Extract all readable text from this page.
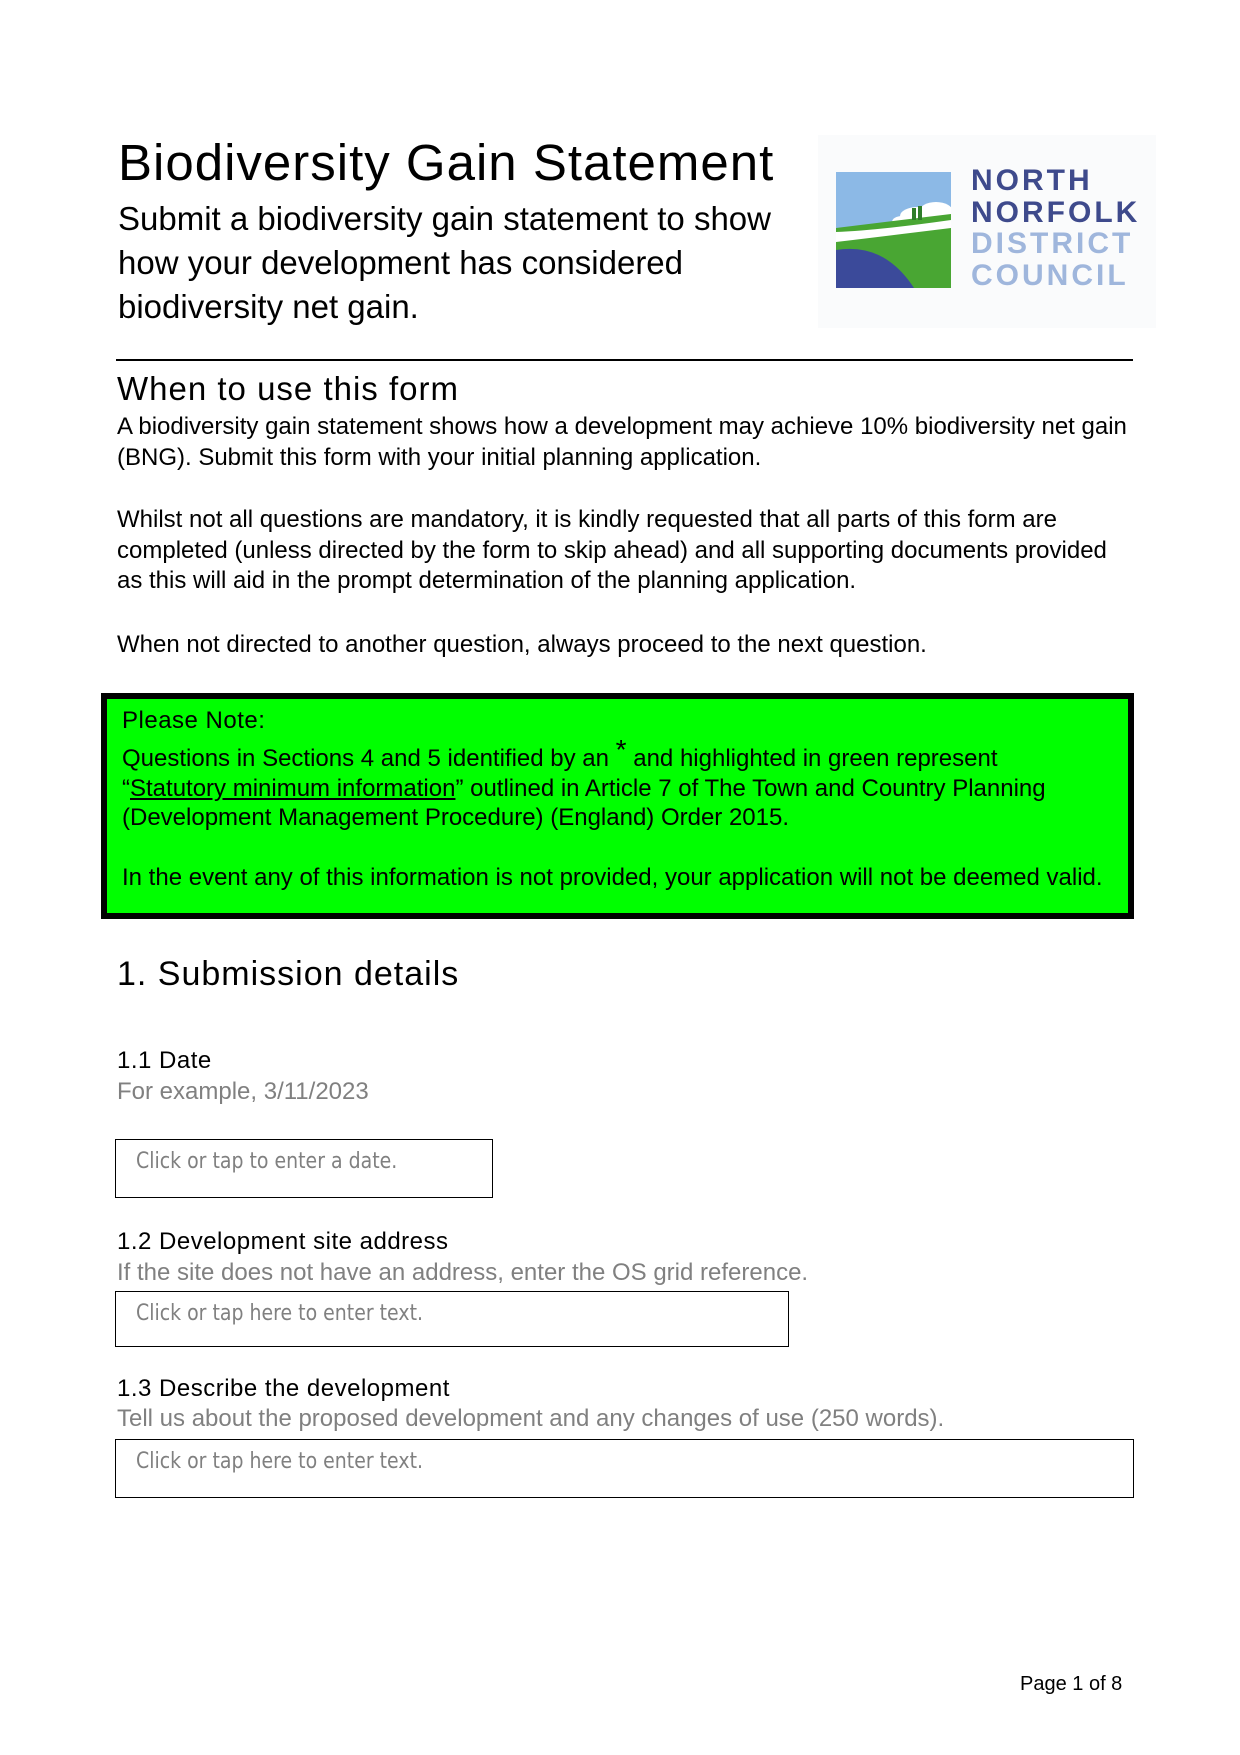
Biodiversity Gain Statement
Submit a biodiversity gain statement to show how your development has considered biodiversity net gain.
NORTH
NORFOLK
DISTRICT
COUNCIL
When to use this form
A biodiversity gain statement shows how a development may achieve 10% biodiversity net gain (BNG). Submit this form with your initial planning application.
Whilst not all questions are mandatory, it is kindly requested that all parts of this form are completed (unless directed by the form to skip ahead) and all supporting documents provided as this will aid in the prompt determination of the planning application.
When not directed to another question, always proceed to the next question.
Please Note:
Questions in Sections 4 and 5 identified by an * and highlighted in green represent
“Statutory minimum information” outlined in Article 7 of The Town and Country Planning (Development Management Procedure) (England) Order 2015.
In the event any of this information is not provided, your application will not be deemed valid.
1. Submission details
1.1 Date
For example, 3/11/2023
Click or tap to enter a date.
1.2 Development site address
If the site does not have an address, enter the OS grid reference.
Click or tap here to enter text.
1.3 Describe the development
Tell us about the proposed development and any changes of use (250 words).
Click or tap here to enter text.
Page 1 of 8
